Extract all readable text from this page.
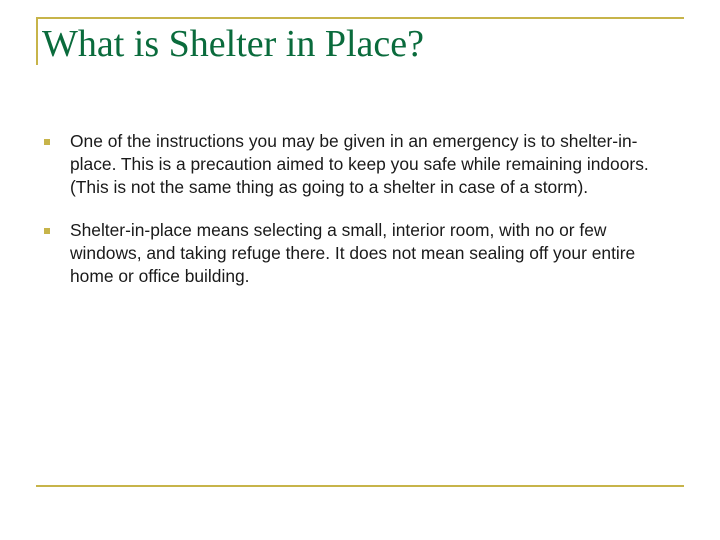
What is Shelter in Place?
One of the instructions you may be given in an emergency is to shelter-in-place. This is a precaution aimed to keep you safe while remaining indoors. (This is not the same thing as going to a shelter in case of a storm).
Shelter-in-place means selecting a small, interior room, with no or few windows, and taking refuge there. It does not mean sealing off your entire home or office building.
